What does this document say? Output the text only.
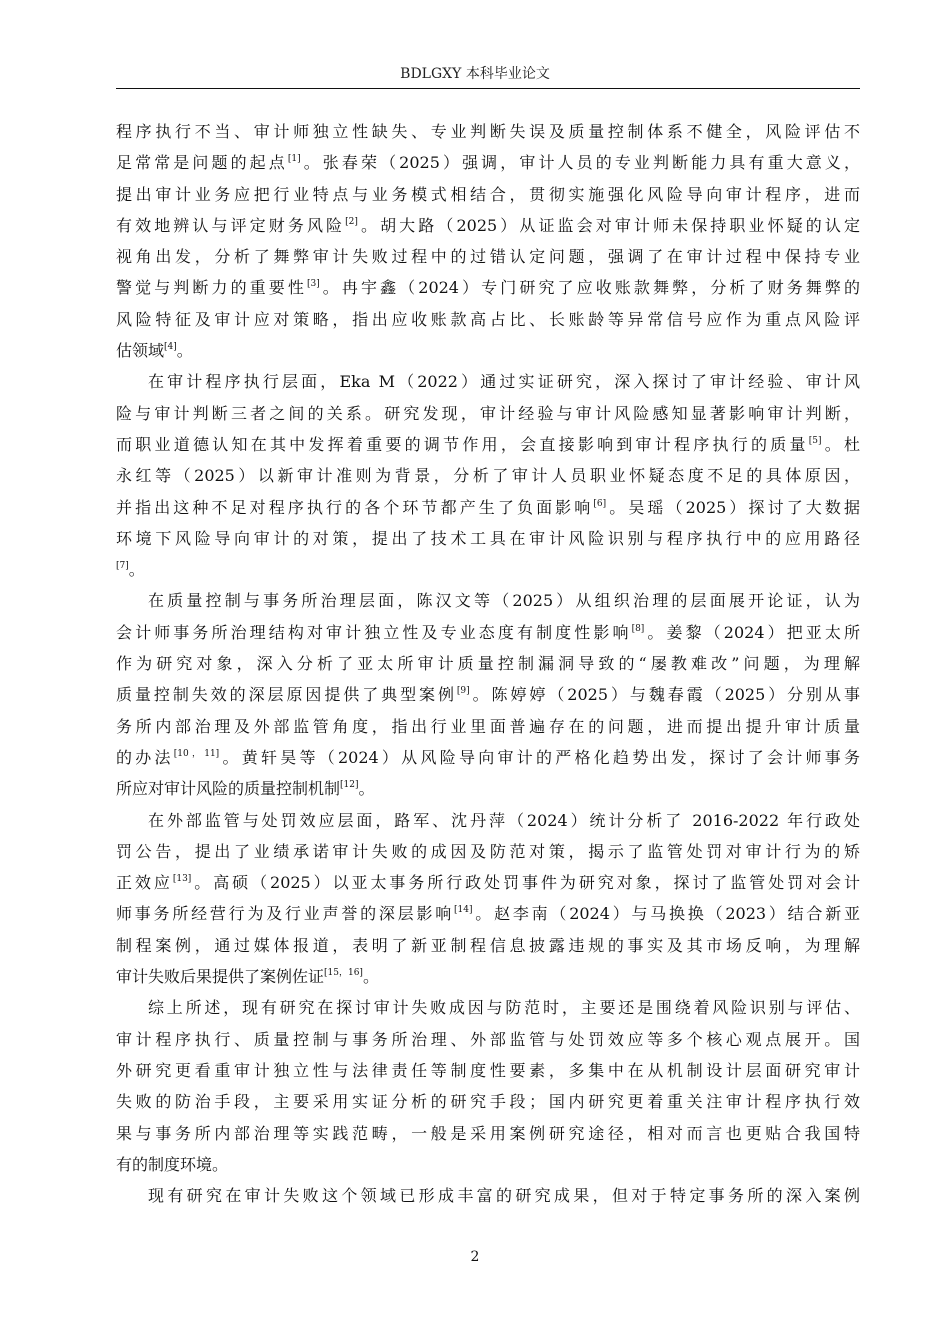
BDLGXY 本科毕业论文
程序执行不当、审计师独立性缺失、专业判断失误及质量控制体系不健全，风险评估不
足常常是问题的起点[1]。张春荣（2025）强调，审计人员的专业判断能力具有重大意义，
提出审计业务应把行业特点与业务模式相结合，贯彻实施强化风险导向审计程序，进而
有效地辨认与评定财务风险[2]。胡大路（2025）从证监会对审计师未保持职业怀疑的认定
视角出发，分析了舞弊审计失败过程中的过错认定问题，强调了在审计过程中保持专业
警觉与判断力的重要性[3]。冉宇鑫（2024）专门研究了应收账款舞弊，分析了财务舞弊的
风险特征及审计应对策略，指出应收账款高占比、长账龄等异常信号应作为重点风险评
估领域[4]。
在审计程序执行层面，Eka M（2022）通过实证研究，深入探讨了审计经验、审计风
险与审计判断三者之间的关系。研究发现，审计经验与审计风险感知显著影响审计判断，
而职业道德认知在其中发挥着重要的调节作用，会直接影响到审计程序执行的质量[5]。杜
永红等（2025）以新审计准则为背景，分析了审计人员职业怀疑态度不足的具体原因，
并指出这种不足对程序执行的各个环节都产生了负面影响[6]。吴瑶（2025）探讨了大数据
环境下风险导向审计的对策，提出了技术工具在审计风险识别与程序执行中的应用路径
[7]。
在质量控制与事务所治理层面，陈汉文等（2025）从组织治理的层面展开论证，认为
会计师事务所治理结构对审计独立性及专业态度有制度性影响[8]。姜黎（2024）把亚太所
作为研究对象，深入分析了亚太所审计质量控制漏洞导致的“屡教难改”问题，为理解
质量控制失效的深层原因提供了典型案例[9]。陈婷婷（2025）与魏春霞（2025）分别从事
务所内部治理及外部监管角度，指出行业里面普遍存在的问题，进而提出提升审计质量
的办法[10，11]。黄轩昊等（2024）从风险导向审计的严格化趋势出发，探讨了会计师事务
所应对审计风险的质量控制机制[12]。
在外部监管与处罚效应层面，路军、沈丹萍（2024）统计分析了 2016-2022 年行政处
罚公告，提出了业绩承诺审计失败的成因及防范对策，揭示了监管处罚对审计行为的矫
正效应[13]。高硕（2025）以亚太事务所行政处罚事件为研究对象，探讨了监管处罚对会计
师事务所经营行为及行业声誉的深层影响[14]。赵李南（2024）与马换换（2023）结合新亚
制程案例，通过媒体报道，表明了新亚制程信息披露违规的事实及其市场反响，为理解
审计失败后果提供了案例佐证[15，16]。
综上所述，现有研究在探讨审计失败成因与防范时，主要还是围绕着风险识别与评估、
审计程序执行、质量控制与事务所治理、外部监管与处罚效应等多个核心观点展开。国
外研究更看重审计独立性与法律责任等制度性要素，多集中在从机制设计层面研究审计
失败的防治手段，主要采用实证分析的研究手段；国内研究更着重关注审计程序执行效
果与事务所内部治理等实践范畴，一般是采用案例研究途径，相对而言也更贴合我国特
有的制度环境。
现有研究在审计失败这个领域已形成丰富的研究成果，但对于特定事务所的深入案例
2
